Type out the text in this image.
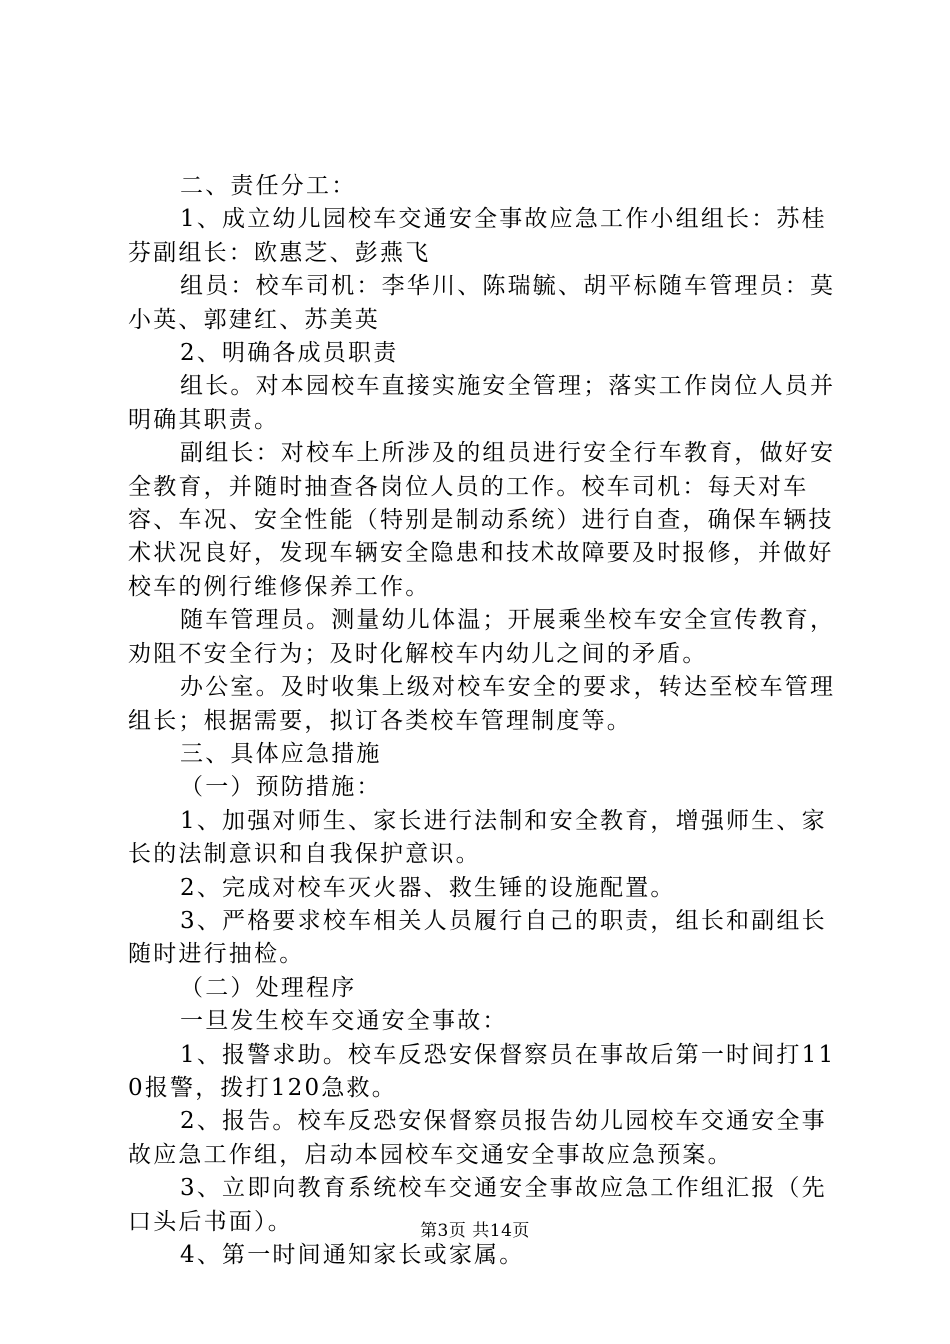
二、责任分工：

1、成立幼儿园校车交通安全事故应急工作小组组长：苏桂芬副组长：欧惠芝、彭燕飞

组员：校车司机：李华川、陈瑞毓、胡平标随车管理员：莫小英、郭建红、苏美英

2、明确各成员职责

组长。对本园校车直接实施安全管理；落实工作岗位人员并明确其职责。

副组长：对校车上所涉及的组员进行安全行车教育，做好安全教育，并随时抽查各岗位人员的工作。校车司机：每天对车容、车况、安全性能（特别是制动系统）进行自查，确保车辆技术状况良好，发现车辆安全隐患和技术故障要及时报修，并做好校车的例行维修保养工作。

随车管理员。测量幼儿体温；开展乘坐校车安全宣传教育，劝阻不安全行为；及时化解校车内幼儿之间的矛盾。

办公室。及时收集上级对校车安全的要求，转达至校车管理组长；根据需要，拟订各类校车管理制度等。

三、具体应急措施

（一）预防措施：

1、加强对师生、家长进行法制和安全教育，增强师生、家长的法制意识和自我保护意识。

2、完成对校车灭火器、救生锤的设施配置。

3、严格要求校车相关人员履行自己的职责，组长和副组长随时进行抽检。

（二）处理程序

一旦发生校车交通安全事故：

1、报警求助。校车反恐安保督察员在事故后第一时间打110报警，拨打120急救。

2、报告。校车反恐安保督察员报告幼儿园校车交通安全事故应急工作组，启动本园校车交通安全事故应急预案。

3、立即向教育系统校车交通安全事故应急工作组汇报（先口头后书面）。

4、第一时间通知家长或家属。

第3页 共14页
